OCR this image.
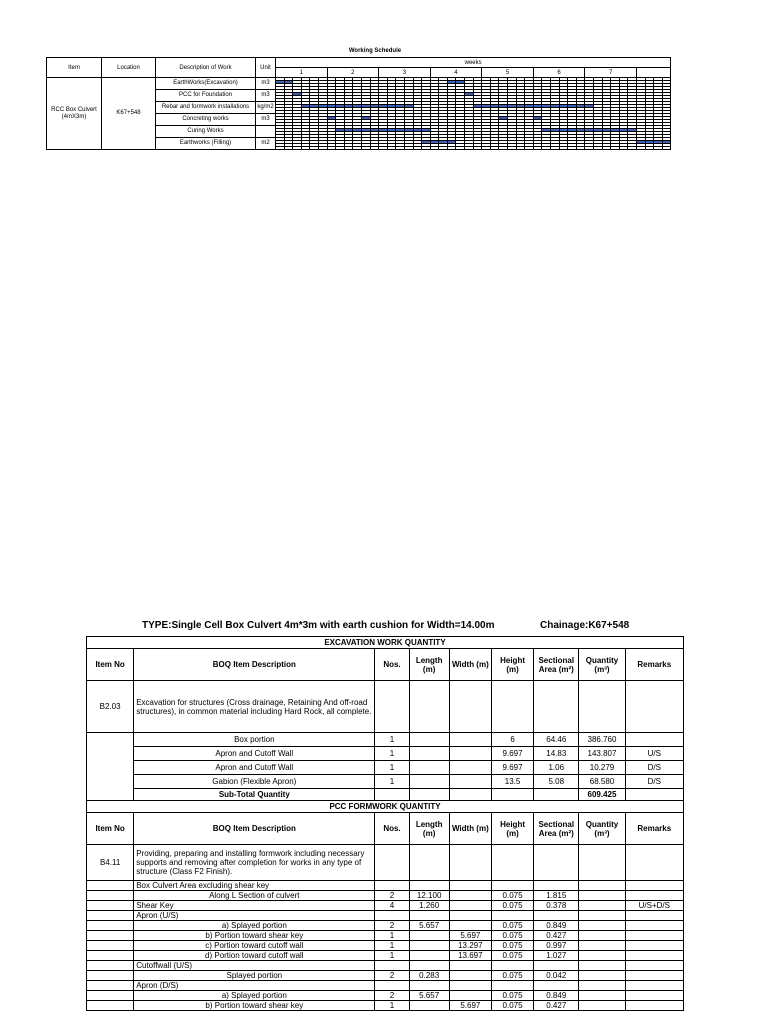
Working Schedule
Item	Location	Description of Work	Unit	weeks																																													
				1						2						3						4						5						6						7									
RCC Box Culvert (4mX3m)	K67+548	EarthWorks(Excavation)	m3																																														

		PCC for Foundation	m3																																														

		Rebar and formwork installations	kg/m2																																														

		Concreting works	m3																																														

		Curing Works																																															

		Earthworks (Filling)	m2																																														

TYPE:Single Cell Box Culvert 4m*3m with earth cushion for Width=14.00m	Chainage:K67+548
EXCAVATION WORK QUANTITY								
Item No	BOQ Item Description	Nos.	Length (m)	Width (m)	Height (m)	Sectional Area (m²)	Quantity (m³)	Remarks
B2.03	Excavation for structures (Cross drainage, Retaining And off-road structures), in common material including Hard Rock, all complete.							
	Box portion	1			6	64.46	386.760	
	Apron and Cutoff Wall	1			9.697	14.83	143.807	U/S
	Apron and Cutoff Wall	1			9.697	1.06	10.279	D/S
	Gabion (Flexible Apron)	1			13.5	5.08	68.580	D/S
	Sub-Total Quantity						609.425	
PCC FORMWORK QUANTITY								
Item No	BOQ Item Description	Nos.	Length (m)	Width (m)	Height (m)	Sectional Area (m²)	Quantity (m³)	Remarks
B4.11	Providing, preparing and installing formwork including necessary supports and removing after completion for works in any type of structure (Class F2 Finish).							
	Box Culvert Area excluding shear key							
	Along L Section of culvert	2	12.100		0.075	1.815		
	Shear Key	4	1.260		0.075	0.378		U/S+D/S
	Apron (U/S)							
	a) Splayed portion	2	5.657		0.075	0.849		
	b) Portion toward shear key	1		5.697	0.075	0.427		
	c) Portion toward cutoff wall	1		13.297	0.075	0.997		
	d) Portion toward cutoff wall	1		13.697	0.075	1.027		
	Cutoffwall (U/S)							
	Splayed portion	2	0.283		0.075	0.042		
	Apron (D/S)							
	a) Splayed portion	2	5.657		0.075	0.849		
	b) Portion toward shear key	1		5.697	0.075	0.427		
